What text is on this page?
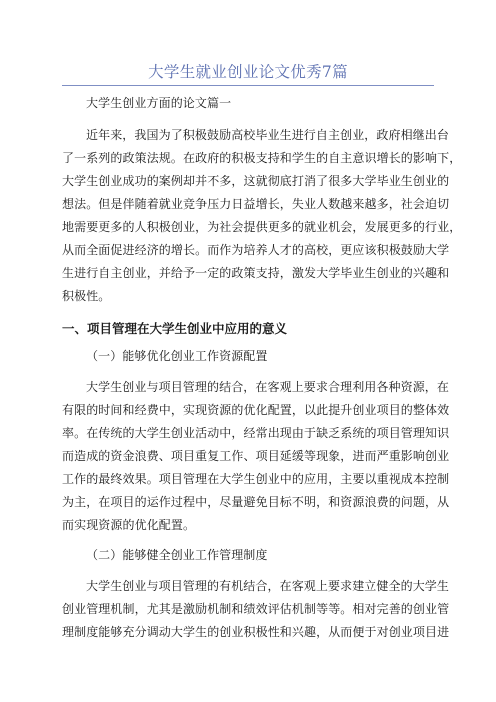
大学生就业创业论文优秀7篇
大学生创业方面的论文篇一
近年来，我国为了积极鼓励高校毕业生进行自主创业，政府相继出台
了一系列的政策法规。在政府的积极支持和学生的自主意识增长的影响下，
大学生创业成功的案例却并不多，这就彻底打消了很多大学毕业生创业的
想法。但是伴随着就业竞争压力日益增长，失业人数越来越多，社会迫切
地需要更多的人积极创业，为社会提供更多的就业机会，发展更多的行业，
从而全面促进经济的增长。而作为培养人才的高校，更应该积极鼓励大学
生进行自主创业，并给予一定的政策支持，激发大学毕业生创业的兴趣和
积极性。
一、项目管理在大学生创业中应用的意义
（一）能够优化创业工作资源配置
大学生创业与项目管理的结合，在客观上要求合理利用各种资源，在
有限的时间和经费中，实现资源的优化配置，以此提升创业项目的整体效
率。在传统的大学生创业活动中，经常出现由于缺乏系统的项目管理知识
而造成的资金浪费、项目重复工作、项目延缓等现象，进而严重影响创业
工作的最终效果。项目管理在大学生创业中的应用，主要以重视成本控制
为主，在项目的运作过程中，尽量避免目标不明，和资源浪费的问题，从
而实现资源的优化配置。
（二）能够健全创业工作管理制度
大学生创业与项目管理的有机结合，在客观上要求建立健全的大学生
创业管理机制，尤其是激励机制和绩效评估机制等等。相对完善的创业管
理制度能够充分调动大学生的创业积极性和兴趣，从而便于对创业项目进
